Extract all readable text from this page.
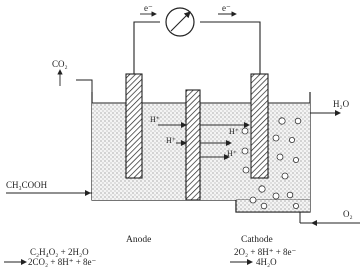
e⁻	e⁻
CO₂
H₂O
CH₃COOH
O₂
H⁺
H⁺
H⁺
H⁺
Anode	Cathode
C₂H₄O₂ + 2H₂O
2CO₂ + 8H⁺ + 8e⁻
2O₂ + 8H⁺ + 8e⁻
4H₂O
